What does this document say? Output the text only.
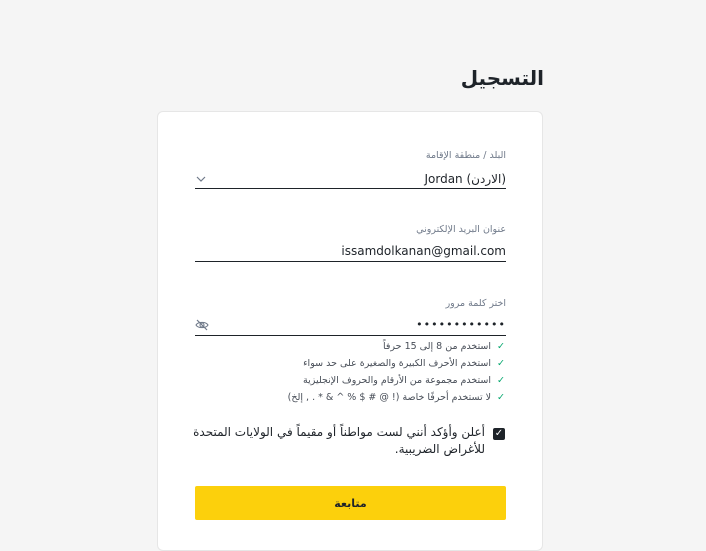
التسجيل
البلد / منطقة الإقامة
Jordan (الاردن)
عنوان البريد الإلكتروني
issamdolkanan@gmail.com
اختر كلمة مرور
••••••••••••
✓استخدم من 8 إلى 15 حرفاً
✓استخدم الأحرف الكبيرة والصغيرة على حد سواء
✓استخدم مجموعة من الأرقام والحروف الإنجليزية
✓لا تستخدم أحرفًا خاصة (! @ # $ % ^ & * . , إلخ)
✓
أعلن وأؤكد أنني لست مواطناً أو مقيماً في الولايات المتحدة للأغراض الضريبية.
متابعة
